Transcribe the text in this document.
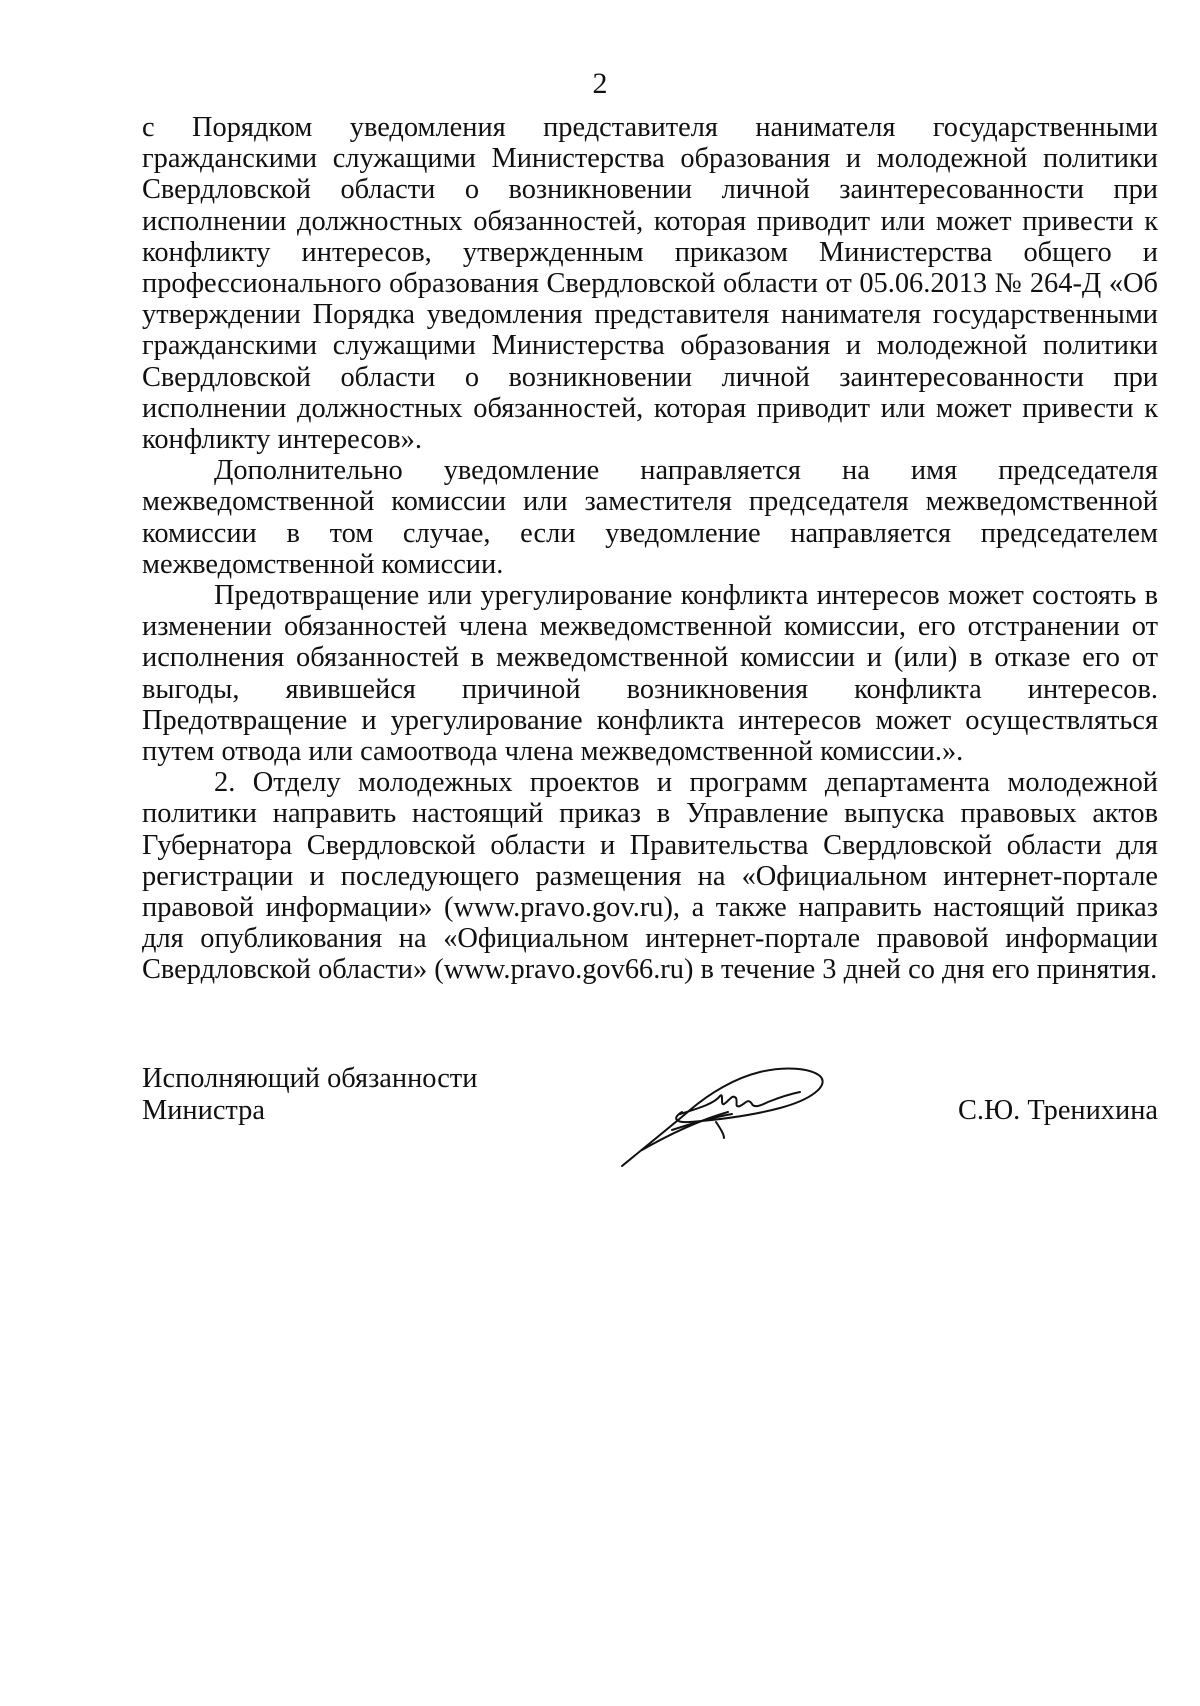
2

с Порядком уведомления представителя нанимателя государственными гражданскими служащими Министерства образования и молодежной политики Свердловской области о возникновении личной заинтересованности при исполнении должностных обязанностей, которая приводит или может привести к конфликту интересов, утвержденным приказом Министерства общего и профессионального образования Свердловской области от 05.06.2013 № 264-Д «Об утверждении Порядка уведомления представителя нанимателя государственными гражданскими служащими Министерства образования и молодежной политики Свердловской области о возникновении личной заинтересованности при исполнении должностных обязанностей, которая приводит или может привести к конфликту интересов».

Дополнительно уведомление направляется на имя председателя межведомственной комиссии или заместителя председателя межведомственной комиссии в том случае, если уведомление направляется председателем межведомственной комиссии.

Предотвращение или урегулирование конфликта интересов может состоять в изменении обязанностей члена межведомственной комиссии, его отстранении от исполнения обязанностей в межведомственной комиссии и (или) в отказе его от выгоды, явившейся причиной возникновения конфликта интересов. Предотвращение и урегулирование конфликта интересов может осуществляться путем отвода или самоотвода члена межведомственной комиссии.».

2. Отделу молодежных проектов и программ департамента молодежной политики направить настоящий приказ в Управление выпуска правовых актов Губернатора Свердловской области и Правительства Свердловской области для регистрации и последующего размещения на «Официальном интернет-портале правовой информации» (www.pravo.gov.ru), а также направить настоящий приказ для опубликования на «Официальном интернет-портале правовой информации Свердловской области» (www.pravo.gov66.ru) в течение 3 дней со дня его принятия.

Исполняющий обязанности
Министра	С.Ю. Тренихина
